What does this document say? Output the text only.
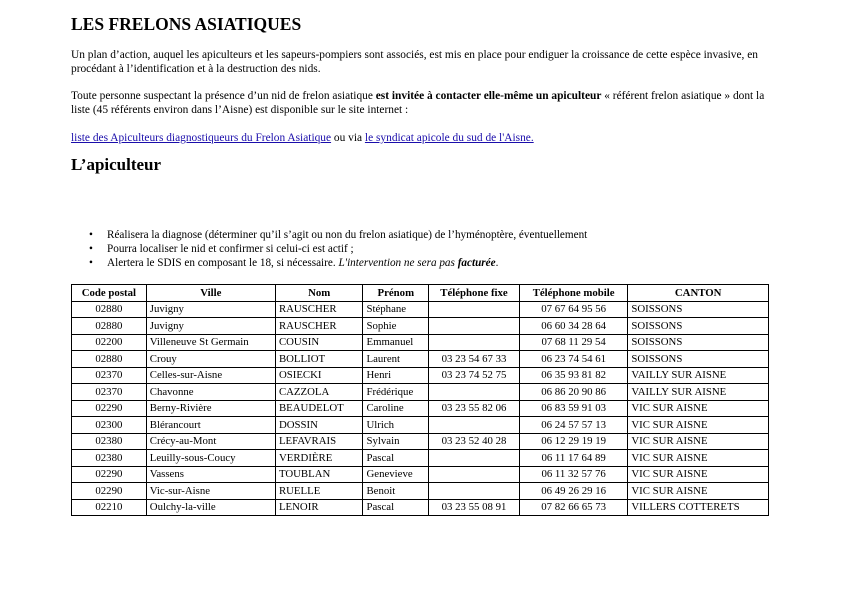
LES FRELONS ASIATIQUES

Un plan d’action, auquel les apiculteurs et les sapeurs-pompiers sont associés, est mis en place pour endiguer la croissance de cette espèce invasive, en procédant à l’identification et à la destruction des nids.

Toute personne suspectant la présence d’un nid de frelon asiatique est invitée à contacter elle-même un apiculteur « référent frelon asiatique » dont la liste (45 référents environ dans l’Aisne) est disponible sur le site internet :

liste des Apiculteurs diagnostiqueurs du Frelon Asiatique ou via le syndicat apicole du sud de l'Aisne.

L’apiculteur
• Réalisera la diagnose (déterminer qu’il s’agit ou non du frelon asiatique) de l’hyménoptère, éventuellement
• Pourra localiser le nid et confirmer si celui-ci est actif ;
• Alertera le SDIS en composant le 18, si nécessaire. L'intervention ne sera pas facturée.
Code postal	Ville	Nom	Prénom	Téléphone fixe	Téléphone mobile	CANTON
02880	Juvigny	RAUSCHER	Stéphane		07 67 64 95 56	SOISSONS
02880	Juvigny	RAUSCHER	Sophie		06 60 34 28 64	SOISSONS
02200	Villeneuve St Germain	COUSIN	Emmanuel		07 68 11 29 54	SOISSONS
02880	Crouy	BOLLIOT	Laurent	03 23 54 67 33	06 23 74 54 61	SOISSONS
02370	Celles-sur-Aisne	OSIECKI	Henri	03 23 74 52 75	06 35 93 81 82	VAILLY SUR AISNE
02370	Chavonne	CAZZOLA	Frédérique		06 86 20 90 86	VAILLY SUR AISNE
02290	Berny-Rivière	BEAUDELOT	Caroline	03 23 55 82 06	06 83 59 91 03	VIC SUR AISNE
02300	Blérancourt	DOSSIN	Ulrich		06 24 57 57 13	VIC SUR AISNE
02380	Crécy-au-Mont	LEFAVRAIS	Sylvain	03 23 52 40 28	06 12 29 19 19	VIC SUR AISNE
02380	Leuilly-sous-Coucy	VERDIÈRE	Pascal		06 11 17 64 89	VIC SUR AISNE
02290	Vassens	TOUBLAN	Genevieve		06 11 32 57 76	VIC SUR AISNE
02290	Vic-sur-Aisne	RUELLE	Benoit		06 49 26 29 16	VIC SUR AISNE
02210	Oulchy-la-ville	LENOIR	Pascal	03 23 55 08 91	07 82 66 65 73	VILLERS COTTERETS
